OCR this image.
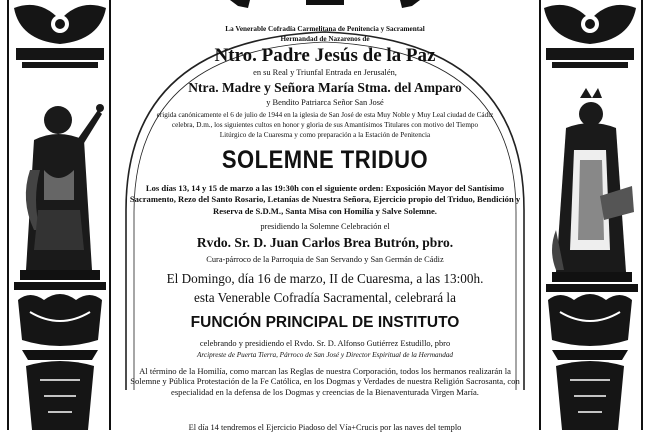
La Venerable Cofradía Carmelitana de Penitencia y Sacramental
Hermandad de Nazarenos de
Ntro. Padre Jesús de la Paz
en su Real y Triunfal Entrada en Jerusalén,
Ntra. Madre y Señora María Stma. del Amparo
y Bendito Patriarca Señor San José
erigida canónicamente el 6 de julio de 1944 en la iglesia de San José de esta Muy Noble y Muy Leal ciudad de Cádiz
celebra, D.m., los siguientes cultos en honor y gloria de sus Amantísimos Titulares con motivo del Tiempo
Litúrgico de la Cuaresma y como preparación a la Estación de Penitencia
SOLEMNE TRIDUO
Los días 13, 14 y 15 de marzo a las 19:30h con el siguiente orden: Exposición Mayor del Santísimo Sacramento, Rezo del Santo Rosario, Letanías de Nuestra Señora, Ejercicio propio del Triduo, Bendición y Reserva de S.D.M., Santa Misa con Homilía y Salve Solemne.
presidiendo la Solemne Celebración el
Rvdo. Sr. D. Juan Carlos Brea Butrón, pbro.
Cura-párroco de la Parroquia de San Servando y San Germán de Cádiz
El Domingo, día 16 de marzo, II de Cuaresma, a las 13:00h.
esta Venerable Cofradía Sacramental, celebrará la
FUNCIÓN PRINCIPAL DE INSTITUTO
celebrando y presidiendo el Rvdo. Sr. D. Alfonso Gutiérrez Estudillo, pbro
Arcipreste de Puerta Tierra, Párroco de San José y Director Espiritual de la Hermandad
Al término de la Homilía, como marcan las Reglas de nuestra Corporación, todos los hermanos realizarán la Solemne y Pública Protestación de la Fe Católica, en los Dogmas y Verdades de nuestra Religión Sacrosanta, con especialidad en la defensa de los Dogmas y creencias de la Bienaventurada Virgen María.
El día 14 tendremos el Ejercicio Piadoso del Vía+Crucis por las naves del templo
